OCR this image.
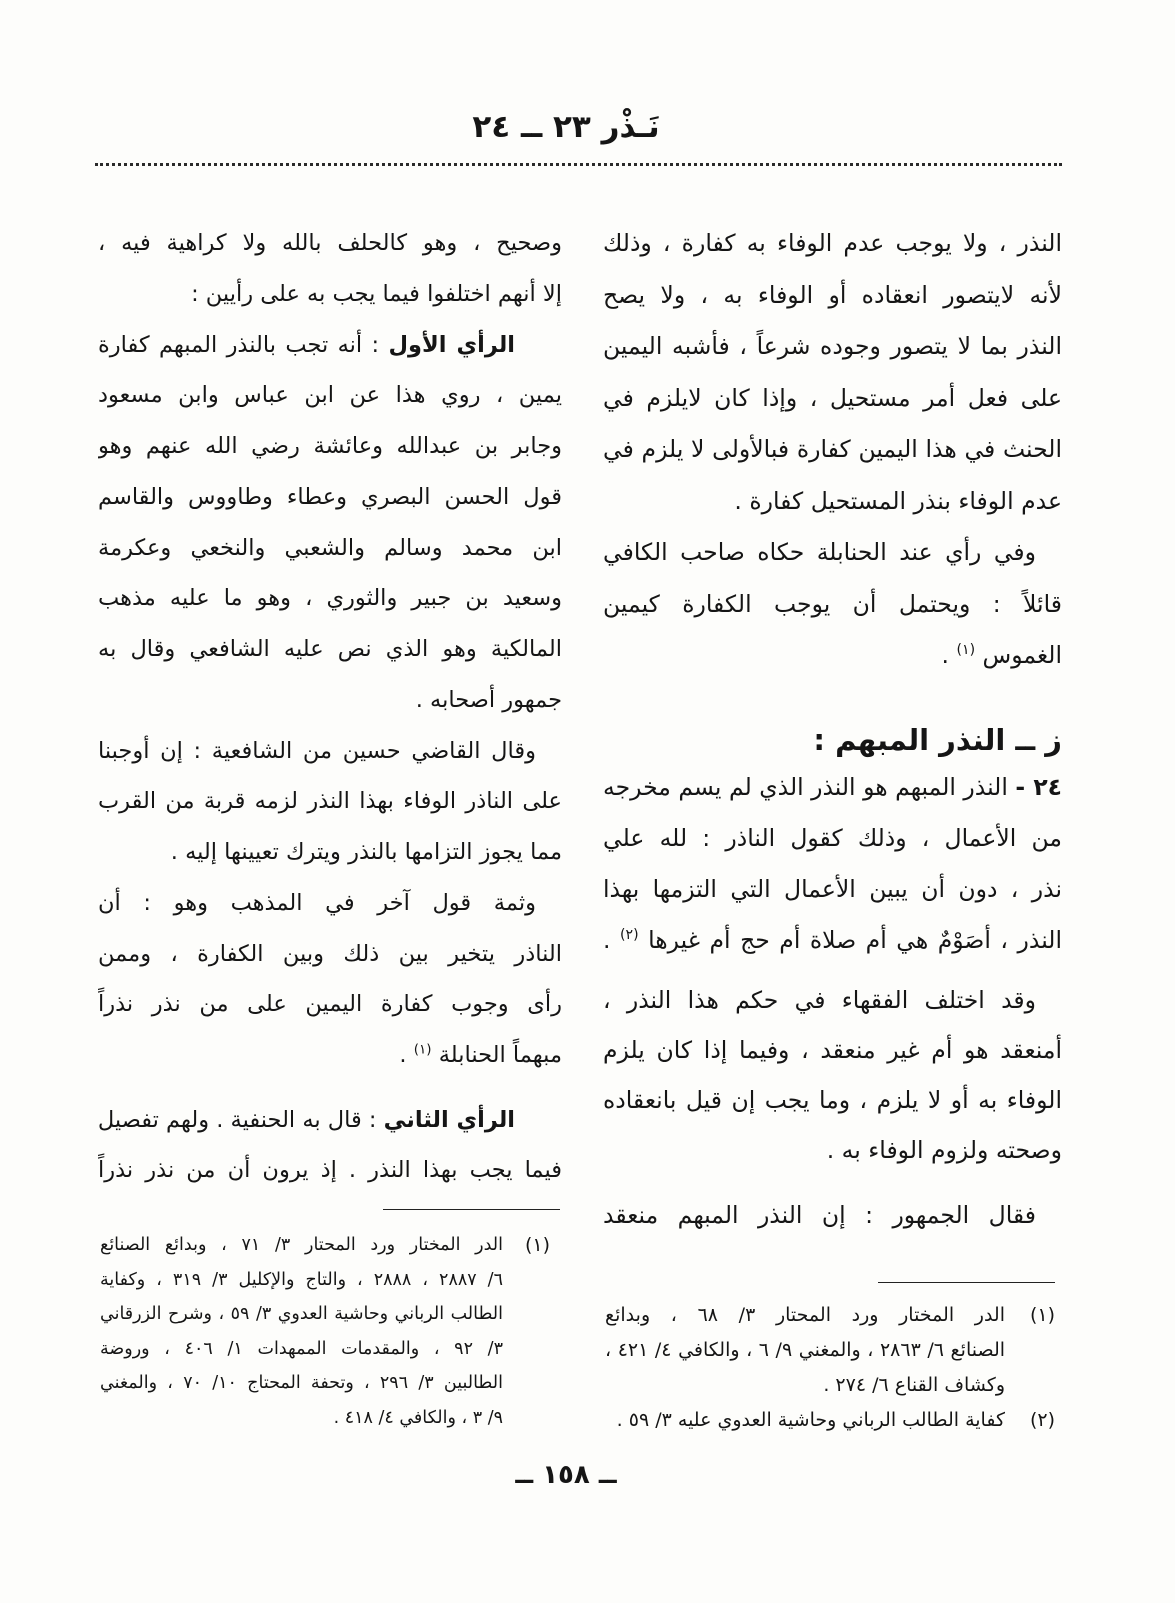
نَـذْر ٢٣ ــ ٢٤
النذر ، ولا يوجب عدم الوفاء به كفارة ، وذلك
لأنه لايتصور انعقاده أو الوفاء به ، ولا يصح
النذر بما لا يتصور وجوده شرعاً ، فأشبه اليمين
على فعل أمر مستحيل ، وإذا كان لايلزم في
الحنث في هذا اليمين كفارة فبالأولى لا يلزم في
عدم الوفاء بنذر المستحيل كفارة .
وفي رأي عند الحنابلة حكاه صاحب الكافي
قائلاً : ويحتمل أن يوجب الكفارة كيمين
الغموس $^{(١)}$ .
ز ــ النذر المبهم :
٢٤ - النذر المبهم هو النذر الذي لم يسم مخرجه
من الأعمال ، وذلك كقول الناذر : لله علي
نذر ، دون أن يبين الأعمال التي التزمها بهذا
النذر ، أصَوْمٌ هي أم صلاة أم حج أم غيرها $^{(٢)}$ .
وقد اختلف الفقهاء في حكم هذا النذر ،
أمنعقد هو أم غير منعقد ، وفيما إذا كان يلزم
الوفاء به أو لا يلزم ، وما يجب إن قيل بانعقاده
وصحته ولزوم الوفاء به .
فقال الجمهور : إن النذر المبهم منعقد
(١)
الدر المختار ورد المحتار ٣/ ٦٨ ، وبدائع
الصنائع ٦/ ٢٨٦٣ ، والمغني ٩/ ٦ ، والكافي ٤/ ٤٢١ ،
وكشاف القناع ٦/ ٢٧٤ .
(٢)
كفاية الطالب الرباني وحاشية العدوي عليه ٣/ ٥٩ .
وصحيح ، وهو كالحلف بالله ولا كراهية فيه ،
إلا أنهم اختلفوا فيما يجب به على رأيين :
الرأي الأول : أنه تجب بالنذر المبهم كفارة
يمين ، روي هذا عن ابن عباس وابن مسعود
وجابر بن عبدالله وعائشة رضي الله عنهم وهو
قول الحسن البصري وعطاء وطاووس والقاسم
ابن محمد وسالم والشعبي والنخعي وعكرمة
وسعيد بن جبير والثوري ، وهو ما عليه مذهب
المالكية وهو الذي نص عليه الشافعي وقال به
جمهور أصحابه .
وقال القاضي حسين من الشافعية : إن أوجبنا
على الناذر الوفاء بهذا النذر لزمه قربة من القرب
مما يجوز التزامها بالنذر ويترك تعيينها إليه .
وثمة قول آخر في المذهب وهو : أن
الناذر يتخير بين ذلك وبين الكفارة ، وممن
رأى وجوب كفارة اليمين على من نذر نذراً
مبهماً الحنابلة $^{(١)}$ .
الرأي الثاني : قال به الحنفية . ولهم تفصيل
فيما يجب بهذا النذر . إذ يرون أن من نذر نذراً
(١)
الدر المختار ورد المحتار ٣/ ٧١ ، وبدائع الصنائع
٦/ ٢٨٨٧ ، ٢٨٨٨ ، والتاج والإكليل ٣/ ٣١٩ ، وكفاية
الطالب الرباني وحاشية العدوي ٣/ ٥٩ ، وشرح الزرقاني
٣/ ٩٢ ، والمقدمات الممهدات ١/ ٤٠٦ ، وروضة
الطالبين ٣/ ٢٩٦ ، وتحفة المحتاج ١٠/ ٧٠ ، والمغني
٩/ ٣ ، والكافي ٤/ ٤١٨ .
ــ ١٥٨ ــ
